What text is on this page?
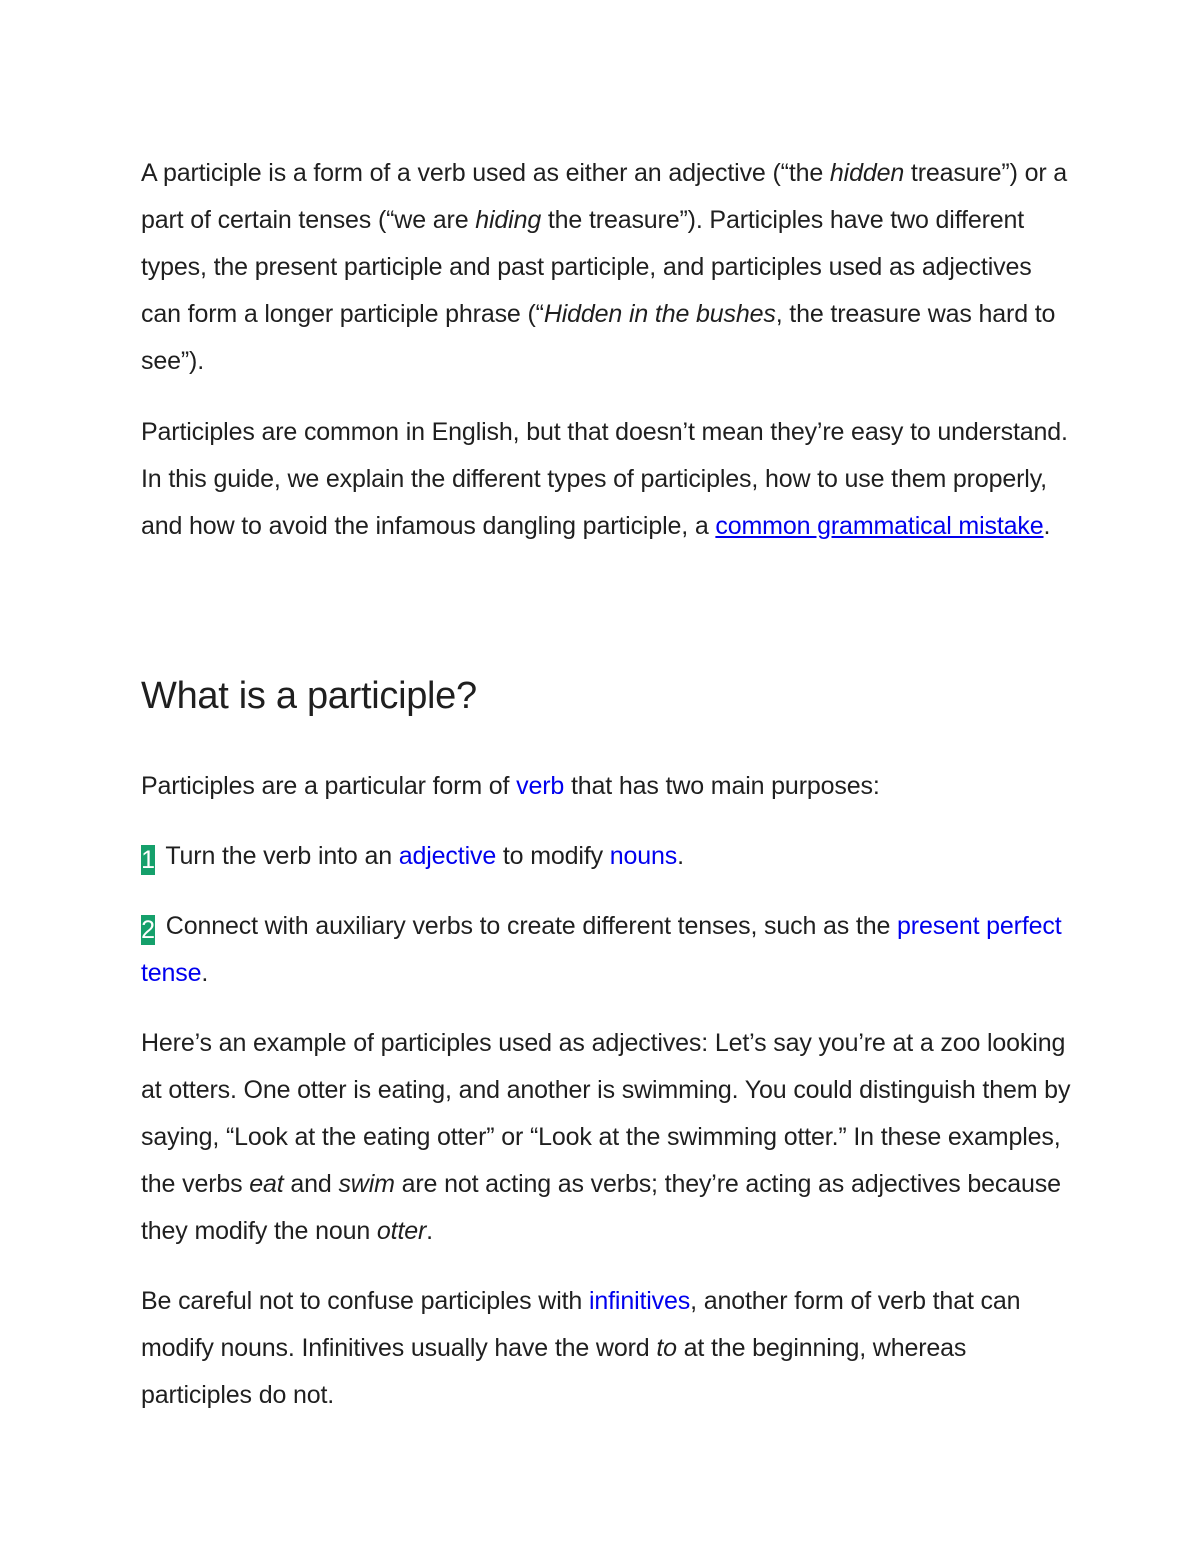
A participle is a form of a verb used as either an adjective (“the hidden treasure”) or a part of certain tenses (“we are hiding the treasure”). Participles have two different types, the present participle and past participle, and participles used as adjectives can form a longer participle phrase (“Hidden in the bushes, the treasure was hard to see”).

Participles are common in English, but that doesn’t mean they’re easy to understand. In this guide, we explain the different types of participles, how to use them properly, and how to avoid the infamous dangling participle, a common grammatical mistake.

What is a participle?

Participles are a particular form of verb that has two main purposes:

1 Turn the verb into an adjective to modify nouns.

2 Connect with auxiliary verbs to create different tenses, such as the present perfect tense.

Here’s an example of participles used as adjectives: Let’s say you’re at a zoo looking at otters. One otter is eating, and another is swimming. You could distinguish them by saying, “Look at the eating otter” or “Look at the swimming otter.” In these examples, the verbs eat and swim are not acting as verbs; they’re acting as adjectives because they modify the noun otter.

Be careful not to confuse participles with infinitives, another form of verb that can modify nouns. Infinitives usually have the word to at the beginning, whereas participles do not.
